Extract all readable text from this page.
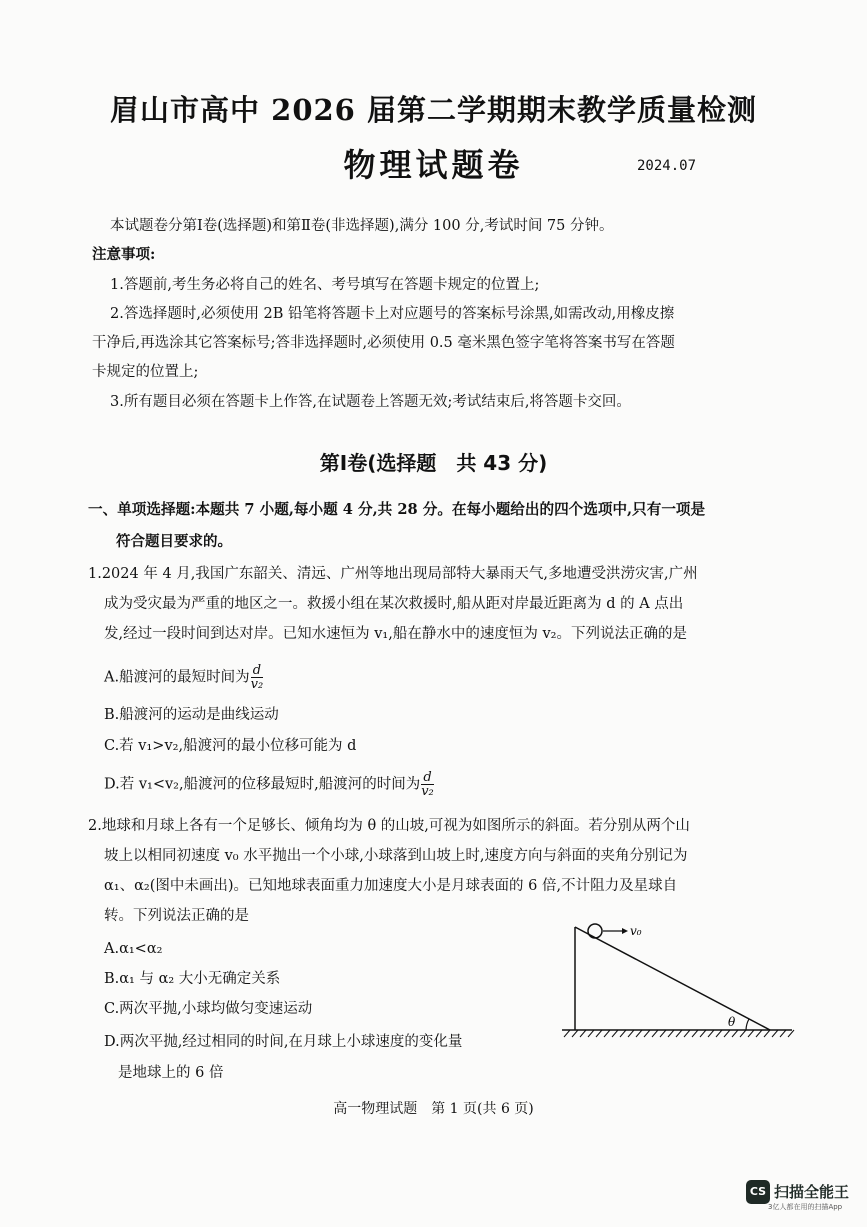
眉山市高中 2026 届第二学期期末教学质量检测
物理试题卷	2024.07
本试题卷分第Ⅰ卷(选择题)和第Ⅱ卷(非选择题),满分 100 分,考试时间 75 分钟。
注意事项:
1.答题前,考生务必将自己的姓名、考号填写在答题卡规定的位置上;
2.答选择题时,必须使用 2B 铅笔将答题卡上对应题号的答案标号涂黑,如需改动,用橡皮擦
干净后,再选涂其它答案标号;答非选择题时,必须使用 0.5 毫米黑色签字笔将答案书写在答题
卡规定的位置上;
3.所有题目必须在答题卡上作答,在试题卷上答题无效;考试结束后,将答题卡交回。
第Ⅰ卷(选择题　共 43 分)
一、单项选择题:本题共 7 小题,每小题 4 分,共 28 分。在每小题给出的四个选项中,只有一项是
符合题目要求的。
1.2024 年 4 月,我国广东韶关、清远、广州等地出现局部特大暴雨天气,多地遭受洪涝灾害,广州
成为受灾最为严重的地区之一。救援小组在某次救援时,船从距对岸最近距离为 d 的 A 点出
发,经过一段时间到达对岸。已知水速恒为 v₁,船在静水中的速度恒为 v₂。下列说法正确的是
A.船渡河的最短时间为 $\frac{d}{\text{v₂}}$
B.船渡河的运动是曲线运动
C.若 v₁>v₂,船渡河的最小位移可能为 d
D.若 v₁<v₂,船渡河的位移最短时,船渡河的时间为 $\frac{d}{\text{v₂}}$
2.地球和月球上各有一个足够长、倾角均为 θ 的山坡,可视为如图所示的斜面。若分别从两个山
坡上以相同初速度 v₀ 水平抛出一个小球,小球落到山坡上时,速度方向与斜面的夹角分别记为
α₁、α₂(图中未画出)。已知地球表面重力加速度大小是月球表面的 6 倍,不计阻力及星球自
转。下列说法正确的是
A.α₁<α₂
B.α₁ 与 α₂ 大小无确定关系
C.两次平抛,小球均做匀变速运动
D.两次平抛,经过相同的时间,在月球上小球速度的变化量
是地球上的 6 倍
v₀
θ
高一物理试题　第 1 页(共 6 页)
CS 扫描全能王
3亿人都在用的扫描App
